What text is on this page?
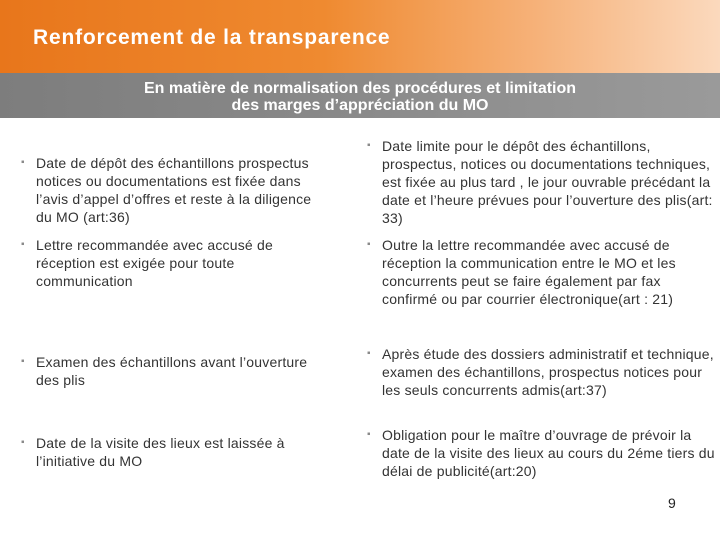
Renforcement de la transparence
En matière de normalisation des procédures et limitation
des marges d’appréciation du MO
▪ Date de dépôt des échantillons prospectus notices ou documentations est fixée dans l’avis d’appel d’offres et reste à la diligence du MO (art:36)
▪ Lettre recommandée avec accusé de réception est exigée pour toute communication
▪ Examen des échantillons avant l’ouverture des plis
▪ Date de la visite des lieux est laissée à l’initiative du MO
▪ Date limite pour le dépôt des échantillons, prospectus, notices ou documentations techniques, est fixée au plus tard , le jour ouvrable précédant la date et l’heure prévues pour l’ouverture des plis(art: 33)
▪ Outre la lettre recommandée avec accusé de réception la communication entre le MO et les concurrents peut se faire également par fax confirmé ou par courrier électronique(art : 21)
▪ Après étude des dossiers administratif et technique, examen des échantillons, prospectus notices pour les seuls concurrents admis(art:37)
▪ Obligation pour le maître d’ouvrage de prévoir la date de la visite des lieux au cours du 2éme tiers du délai de publicité(art:20)
9
